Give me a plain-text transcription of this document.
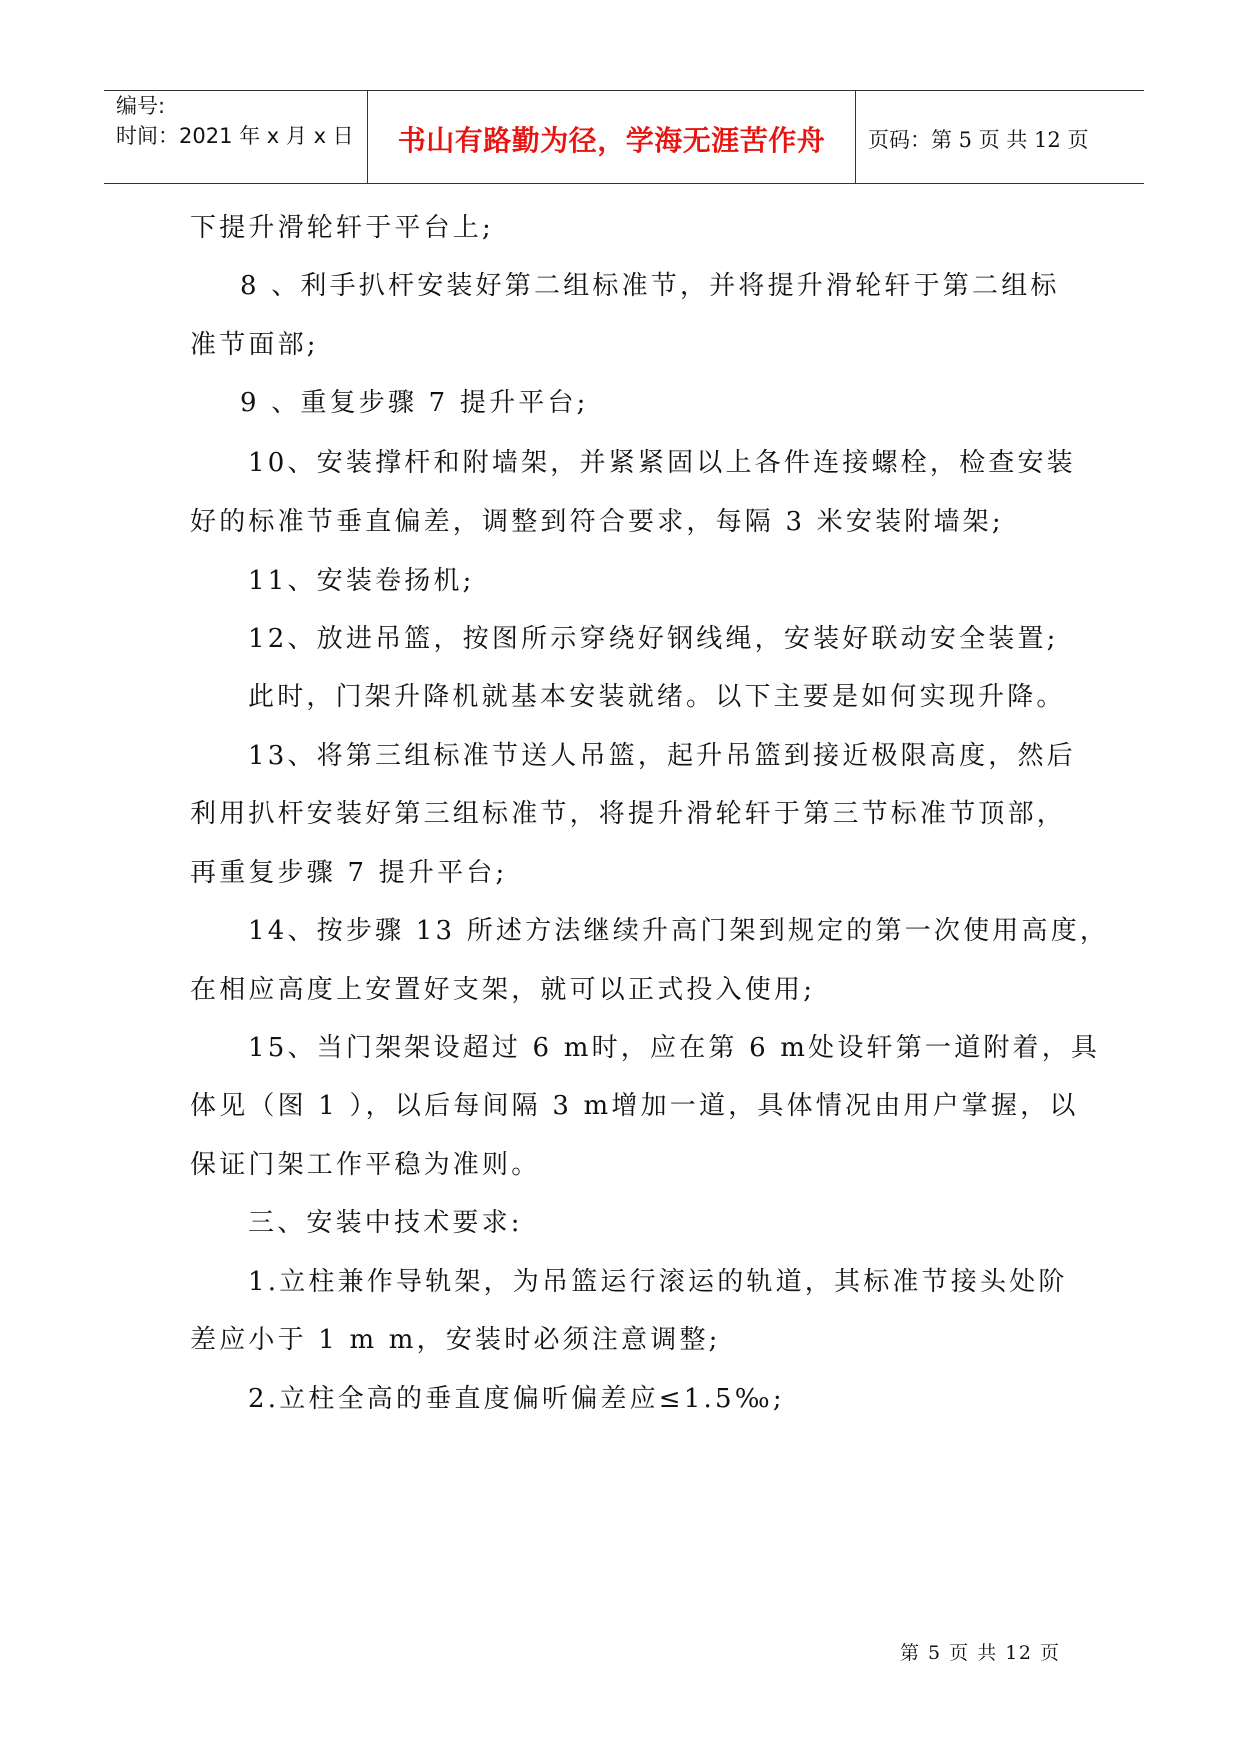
编号:
时间：2021 年 x 月 x 日	书山有路勤为径，学海无涯苦作舟	页码：第 5 页 共 12 页
下提升滑轮轩于平台上;
8 、利手扒杆安装好第二组标准节，并将提升滑轮轩于第二组标
准节面部;
9 、重复步骤 7 提升平台;
10、安装撑杆和附墙架，并紧紧固以上各件连接螺栓，检查安装
好的标准节垂直偏差，调整到符合要求，每隔 3 米安装附墙架;
11、安装卷扬机;
12、放进吊篮，按图所示穿绕好钢线绳，安装好联动安全装置;
此时，门架升降机就基本安装就绪。以下主要是如何实现升降。
13、将第三组标准节送人吊篮，起升吊篮到接近极限高度，然后
利用扒杆安装好第三组标准节，将提升滑轮轩于第三节标准节顶部，
再重复步骤 7 提升平台;
14、按步骤 13 所述方法继续升高门架到规定的第一次使用高度，
在相应高度上安置好支架，就可以正式投入使用;
15、当门架架设超过 6 m时，应在第 6 m处设轩第一道附着，具
体见（图 1 ），以后每间隔 3 m增加一道，具体情况由用户掌握，以
保证门架工作平稳为准则。
三、安装中技术要求:
1.立柱兼作导轨架，为吊篮运行滚运的轨道，其标准节接头处阶
差应小于 1 m m，安装时必须注意调整;
2.立柱全高的垂直度偏听偏差应≤1.5‰;
第 5 页 共 12 页
